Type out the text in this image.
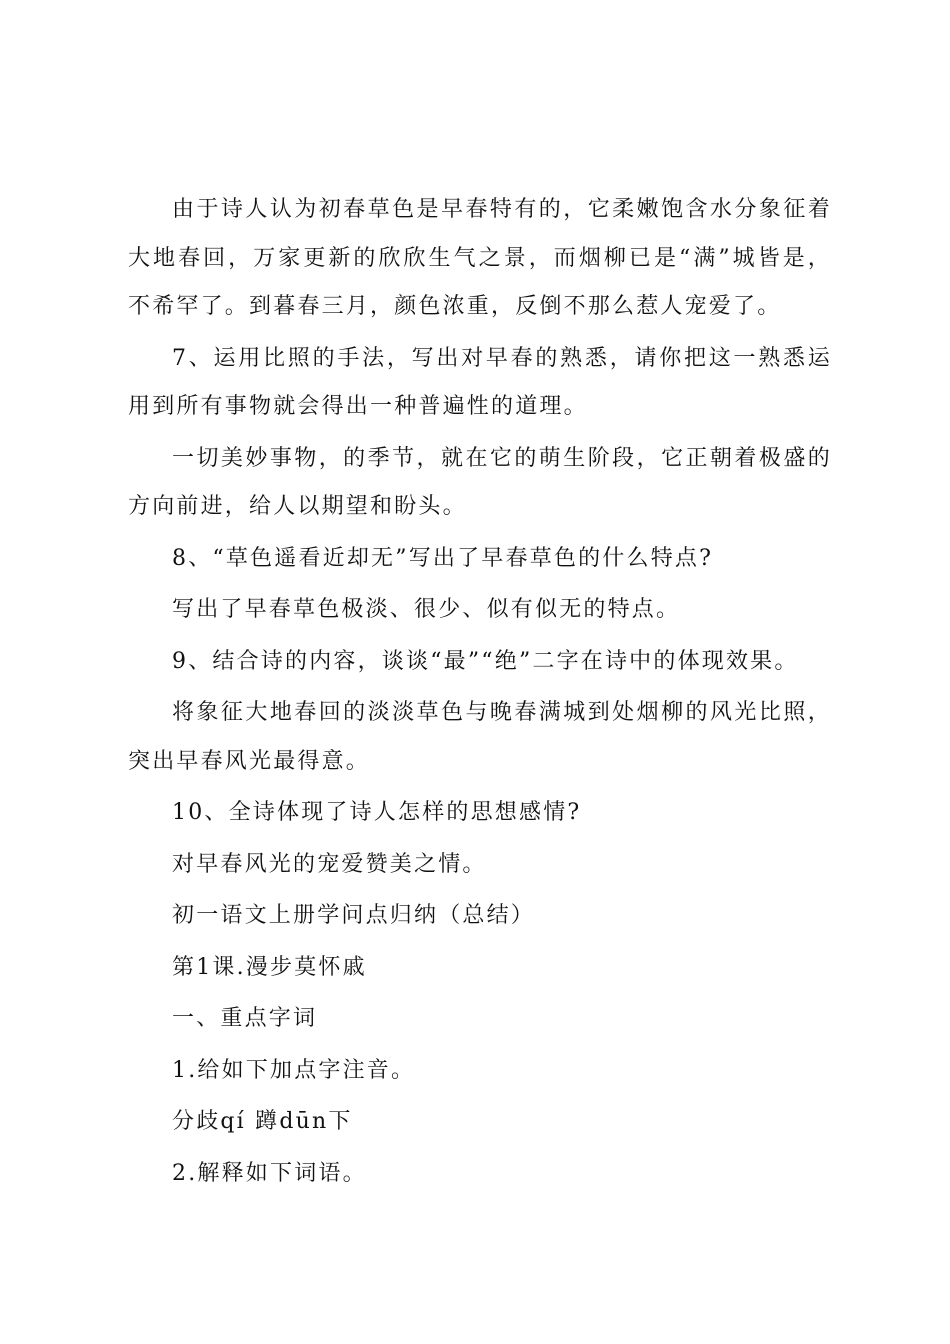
由于诗人认为初春草色是早春特有的，它柔嫩饱含水分象征着大地春回，万家更新的欣欣生气之景，而烟柳已是“满”城皆是，不希罕了。到暮春三月，颜色浓重，反倒不那么惹人宠爱了。

7、运用比照的手法，写出对早春的熟悉，请你把这一熟悉运用到所有事物就会得出一种普遍性的道理。

一切美妙事物，的季节，就在它的萌生阶段，它正朝着极盛的方向前进，给人以期望和盼头。

8、“草色遥看近却无”写出了早春草色的什么特点?

写出了早春草色极淡、很少、似有似无的特点。

9、结合诗的内容，谈谈“最”“绝”二字在诗中的体现效果。

将象征大地春回的淡淡草色与晚春满城到处烟柳的风光比照，突出早春风光最得意。

10、全诗体现了诗人怎样的思想感情?

对早春风光的宠爱赞美之情。

初一语文上册学问点归纳（总结）

第1课.漫步莫怀戚

一、重点字词

1.给如下加点字注音。

分歧qí 蹲dūn下

2.解释如下词语。
